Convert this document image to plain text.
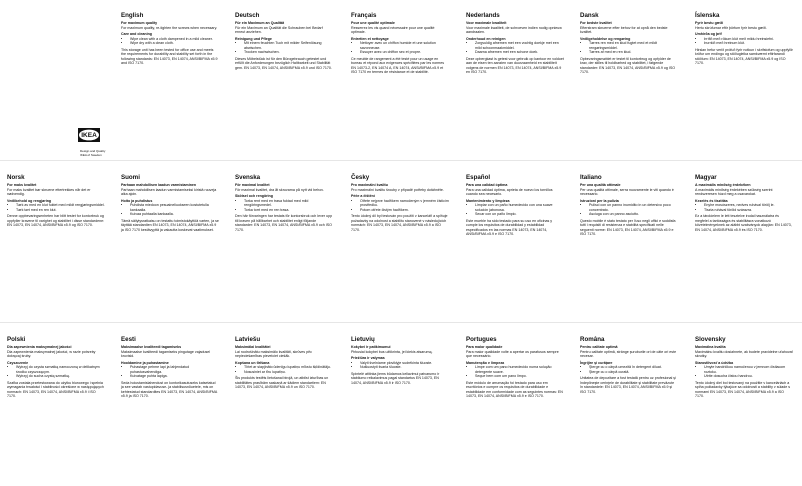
IKEA
Design and Quality
IKEA of Sweden
English

For maximum quality

For maximum quality, re-tighten the screws when necessary.

Care and cleaning

• Wipe clean with a cloth dampened in a mild cleaner.
• Wipe dry with a clean cloth.

This storage unit has been tested for office use and meets the requirements for durability and stability set forth in the following standards: EN 14073, EN 14074, ANSI/BIFMA x5.9 and ISO 7170.

Deutsch

Für ein Maximum an Qualität

Für ein Maximum an Qualität die Schrauben bei Bedarf erneut anziehen.

Reinigung und Pflege

• Mit einem feuchten Tuch mit milder Seifenlösung abwischen.
• Trocken nachwischen.

Dieses Möbelstück ist für den Bürogebrauch getestet und erfüllt die Anforderungen bezüglich Haltbarkeit und Stabilität gem. EN 14073, EN 14074, ANSI/BIFMA x5.9 und ISO 7170.

Français

Pour une qualité optimale

Resserrez les vis quand nécessaire pour une qualité optimale.

Entretien et nettoyage

• Nettoyer avec un chiffon humide et une solution savonneuse.
• Essuyer avec un chiffon sec et propre.

Ce meuble de rangement a été testé pour un usage en bureau et répond aux exigences spécifiées par les normes EN 14073-2, EN 14074 A, EN 14074, ANSI/BIFMA x5.9 et ISO 7170 en termes de résistance et de stabilité.

Nederlands

Voor maximale kwaliteit

Voor maximale kwaliteit, de schroeven indien nodig opnieuw aandraaien.

Onderhoud en reinigen

• Zorgvuldig afnemen met een vochtig doekje met een mild schoonmaakmiddel.
• Daarna afnemen met een schone doek.

Deze opbergkast is getest voor gebruik op kantoor en voldoet aan de eisen ten aanzien van duurzaamheid en stabiliteit volgens de normen EN 14073, EN 14074, ANSI/BIFMA x5.9 en ISO 7170.

Dansk

For bedste kvalitet

Efterstram skruerne efter behov for at opnå den bedste kvalitet.

Vedligeholdelse og rengøring

• Tørres ren med en klud fugtet med et mildt rengøringsmiddel.
• Tørres af med en ren klud.

Opbevaringsmøblet er testet til kontorbrug og opfylder de krav, der stilles til holdbarhed og stabilitet, i følgende standarder: EN 14073, EN 14074, ANSI/BIFMA x5.9 og ISO 7170.

Íslenska

Fyrir bestu gæði

Hertu skrúfurnar eftir þörfum fyrir bestu gæði.

Umhirða og þrif

• Þrífið með rökum klút með mildu hreinsiefni.
• Þurrkið með hreinum klút.

Hirslan hefur verið prófuð fyrir notkun í skrifstofum og uppfyllir kröfur um endingu og stöðugleika samkvæmt eftirfarandi stöðlum: EN 14073, EN 14074, ANSI/BIFMA x5.9 og ISO 7170.

Norsk

For maks kvalitet

For maks kvalitet bør skruene ettertrekkes når det er nødvendig.

Vedlikehold og rengjøring

• Tørk av med en klut fuktet med mildt rengjøringsmiddel.
• Tørk tørt med en ren klut.

Denne oppbevaringsenheten har blitt testet for kontorbruk og oppfyller kravene til varighet og stabilitet i disse standardene: EN 14073, EN 14074, ANSI/BIFMA x5.9 og ISO 7170.

Suomi

Parhaan mahdollisen laadun varmistaminen

Parhaan mahdollisen laadun varmistamiseksi kiristä ruuveja aika ajoin.

Hoito ja puhdistus

• Puhdista miedoon pesuaineliuokseen kostutetulla kankaalla.
• Kuivaa puhtaalla kankaalla.

Tämä säilytysratkaisu on testattu toimistokäyttöä varten, ja se täyttää standardien EN 14073, EN 14074, ANSI/BIFMA x5.9 ja ISO 7170 kestävyyttä ja vakautta koskevat vaatimukset.

Svenska

För maximal kvalitet

För maximal kvalitet, dra åt skruvarna på nytt vid behov.

Skötsel och rengöring

• Torka rent med en trasa fuktad med mild rengöringsmedel.
• Torka torrt med en ren trasa.

Den här förvaringen har testats för kontorsbruk och lever upp till kraven på hållbarhet och stabilitet enligt följande standarder: EN 14073, EN 14074, ANSI/BIFMA x5.9 och ISO 7170.

Česky

Pro maximální kvalitu

Pro maximální kvalitu šrouby v případě potřeby dotáhněte.

Péče a čištění

• Otřete nejprve hadříkem namočeným v jemném čisticím prostředku.
• Potom otřete čistým hadříkem.

Tento úložný díl byl testován pro použití v kanceláři a splňuje požadavky na odolnost a stabilitu stanovené v následujících normách: EN 14073, EN 14074, ANSI/BIFMA x5.9 a ISO 7170.

Español

Para una calidad óptima

Para una calidad óptima, aprieta de nuevo los tornillos cuando sea necesario.

Mantenimiento y limpieza

• Limpiar con un paño humedecido con una suave solución jabonosa.
• Secar con un paño limpio.

Este mueble ha sido testado para su uso en oficinas y cumple los requisitos de durabilidad y estabilidad especificados en las normas EN 14073, EN 14074, ANSI/BIFMA x5.9 e ISO 7170.

Italiano

Per una qualità ottimale

Per una qualità ottimale, serra nuovamente le viti quando è necessario.

Istruzioni per la pulizia

• Pulisci con un panno inumidito in un detersivo poco concentrato.
• Asciuga con un panno asciutto.

Questo mobile è stato testato per l'uso negli uffici e soddisfa tutti i requisiti di resistenza e stabilità specificati nelle seguenti norme: EN 14073, EN 14074, ANSI/BIFMA x5.9 e ISO 7170.

Magyar

A maximális minőség érdekében

A maximális minőség érdekében szükség szerint rendszeresen húzd meg a csavarokat.

Kezelés és tisztítás

• Enyhe mosószeres, nedves ruhával törölj le.
• Tiszta ruhával töröld szárazra.

Ez a tárolóelem le lett tesztelve irodai használatra és megfelel a tartósságra és stabilitásra vonatkozó követelményeknek az alábbi szabványok alapján: EN 14073, EN 14074, ANSI/BIFMA x5.9 és ISO 7170.

Polski

Dla zapewnienia maksymalnej jakości

Dla zapewnienia maksymalnej jakości, w razie potrzeby dokręcaj śruby.

Czyszczenie

• Wytrzyj do czysta szmatką namoczoną w delikatnym środku czyszczącym.
• Wytrzyj do sucha czystą szmatką.

Szafka została przetestowana do użytku biurowego i spełnia wymagania trwałości i stabilności określone w następujących normach: EN 14073, EN 14074, ANSI/BIFMA x5.9 i ISO 7170.

Eesti

Maksimaalse kvaliteedi tagamiseks

Maksimaalse kvaliteedi tagamiseks pingutage vajadusel kruvisid.

Hooldamine ja puhastamine

• Puhastage pehme lapi ja lahjendatud puhastusvahendiga.
• Kuivatage puhta lapiga.

Seda hoiustamislahendust on kontorikasutuseks katsetatud ja see vastab vastupidavuse- ja stabiilsusnõuetele, mis on kehtestatud standardites EN 14073, EN 14074, ANSI/BIFMA x5.9 ja ISO 7170.

Latviešu

Maksimālai kvalitātei

Lai nodrošinātu maksimālo kvalitāti, skrūves pēc nepieciešamības pievelciet ciešāk.

Kopšana un tīrīšana

• Tīriet ar slapjināto ūdenīgu lupatiņu mīkstu šķīdinātāju.
• Nosusiniet ar tīru lupatiņu.

Šis produkts testēts lietošanai birojā, un atbilst izturības un stabilitātes prasībām saskaņā ar šādiem standartiem: EN 14073, EN 14074, ANSI/BIFMA x5.9 un ISO 7170.

Lietuvių

Kokybei ir patikimumui

Pirkusiai kokybei bus užtikrinta, jei kiekis atsarumą.

Priežiūra ir valymas

• Valyti švelniame ploviklyje sudrėkinta šluoste.
• Nušluostyti švaria šluoste.

Spintelė atitinka jiems būdamos keliavimui patvarumo ir stabilumo reikalavimus pagal standartus EN 14073, EN 14074, ANSI/BIFMA x5.9 ir ISO 7170.

Portugues

Para maior qualidade

Para maior qualidade volte a apertar os parafusos sempre que necessário.

Manutenção e limpeza

• Limpe com um pano humedecido numa solução detergente suave.
• Seque bem com um pano limpo.

Este módulo de arrumação foi testado para uso em escritórios e cumpre os requisitos de durabilidade e estabilidade em conformidade com as seguintes normas: EN 14073, EN 14074, ANSI/BIFMA x5.9 e ISO 7170.

Româna

Pentru calitate optimă

Pentru calitate optimă, strânge şuruburile ori de câte ori este necesar.

Îngrijire şi curăţare

• Şterge cu o cârpă umezită în detergent diluat.
• Şterge cu o cârpă curată.

Unitatea de depozitare a fost testată pentru uz profesional şi îndeplineşte cerinţele de durabilitate şi stabilitate prevăzute în standardele: EN 14073, EN 14074, ANSI/BIFMA x5.9 şi ISO 7170.

Slovensky

Maximálna kvalita

Maximálnu kvalitu dosiahnete, ak budete pravidelne uťahovať skrutky.

Starostlivosť a údržba

• Umyte handričkou namočenou v jemnom čistiacom roztoku.
• Utrite dosucha čistou handrou.

Tento úložný diel bol testovaný na použitie v kanceláriách a spĺňa požiadavky týkajúce sa odolnosti a stability v súlade s normami EN 14073, EN 14074, ANSI/BIFMA x5.9 a ISO 7170.
